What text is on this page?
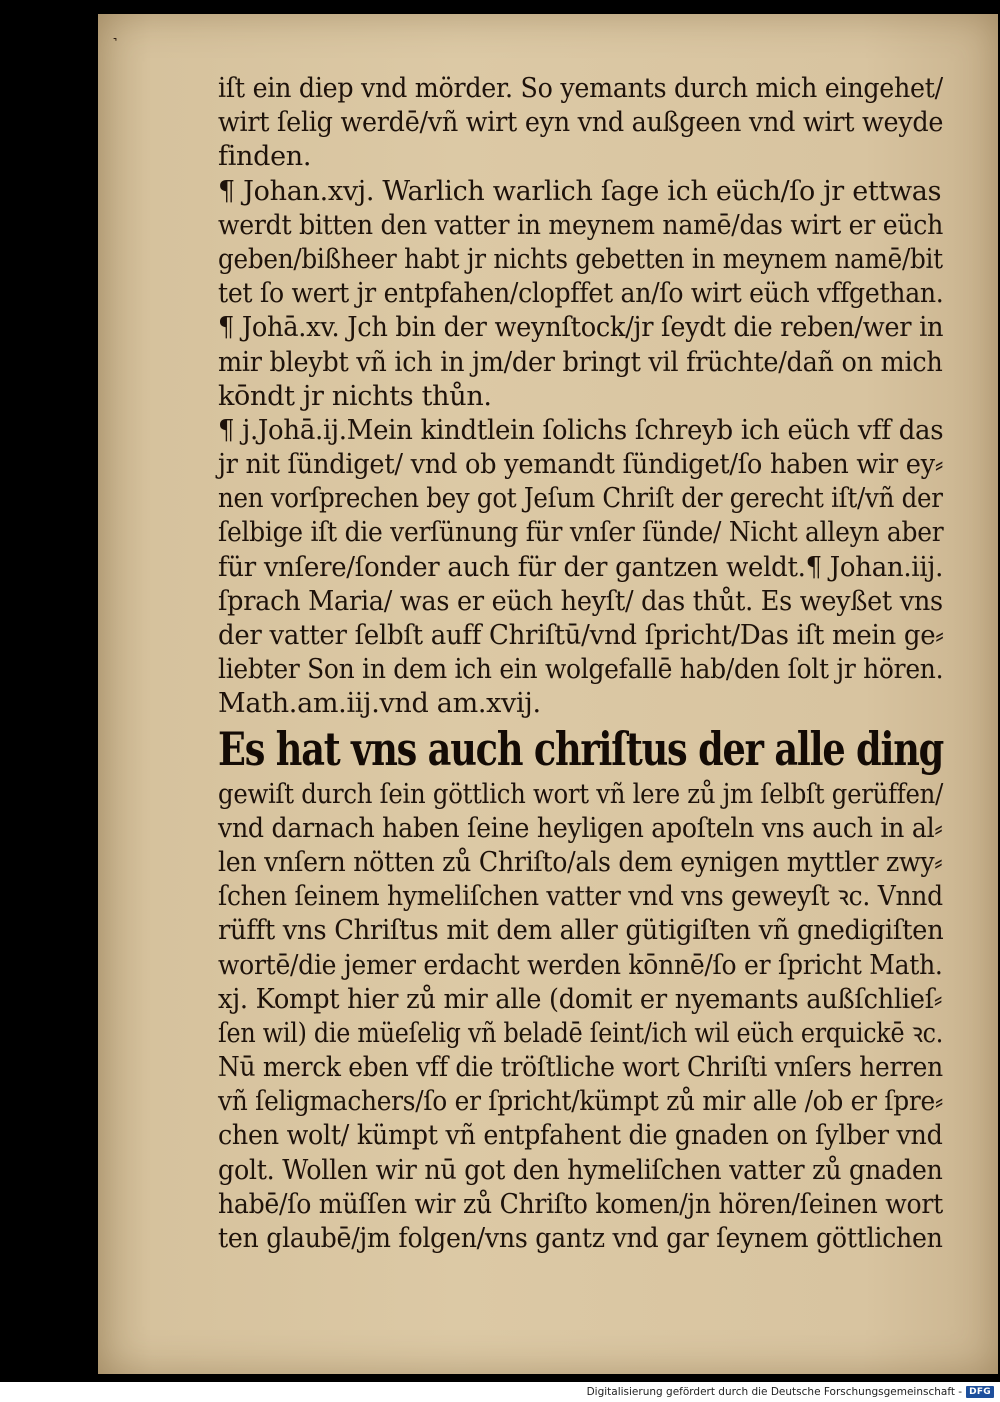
˺
iſt ein diep vnd mörder. So yemants durch mich eingehet/
wirt ſelig werdē/vñ wirt eyn vnd außgeen vnd wirt weyde
finden.
¶ Johan.xvj. Warlich warlich ſage ich eüch/ſo jr ettwas
werdt bitten den vatter in meynem namē/das wirt er eüch
geben/bißheer habt jr nichts gebetten in meynem namē/bit
tet ſo wert jr entpfahen/clopffet an/ſo wirt eüch vffgethan.
¶ Johā.xv. Jch bin der weynſtock/jr ſeydt die reben/wer in
mir bleybt vñ ich in jm/der bringt vil früchte/dañ on mich
kōndt jr nichts thůn.
¶ j.Johā.ij.Mein kindtlein ſolichs ſchreyb ich eüch vff das
jr nit ſündiget/ vnd ob yemandt ſündiget/ſo haben wir ey⸗
nen vorſprechen bey got Jeſum Chriſt der gerecht iſt/vñ der
ſelbige iſt die verſünung für vnſer ſünde/ Nicht alleyn aber
für vnſere/ſonder auch für der gantzen weldt.¶ Johan.iij.
ſprach Maria/ was er eüch heyſt/ das thůt. Es weyßet vns
der vatter ſelbſt auff Chriſtū/vnd ſpricht/Das iſt mein ge⸗
liebter Son in dem ich ein wolgefallē hab/den ſolt jr hören.
Math.am.iij.vnd am.xvij.
Es hat vns auch chriſtus der alle ding
gewiſt durch ſein göttlich wort vñ lere zů jm ſelbſt gerüffen/
vnd darnach haben ſeine heyligen apoſteln vns auch in al⸗
len vnſern nötten zů Chriſto/als dem eynigen myttler zwy⸗
ſchen ſeinem hymeliſchen vatter vnd vns geweyſt ꝛc. Vnnd
rüfft vns Chriſtus mit dem aller gütigiſten vñ gnedigiſten
wortē/die jemer erdacht werden kōnnē/ſo er ſpricht Math.
xj. Kompt hier zů mir alle (domit er nyemants außſchlieſ⸗
ſen wil) die müeſelig vñ beladē ſeint/ich wil eüch erquickē ꝛc.
Nū merck eben vff die tröſtliche wort Chriſti vnſers herren
vñ ſeligmachers/ſo er ſpricht/kümpt zů mir alle /ob er ſpre⸗
chen wolt/ kümpt vñ entpfahent die gnaden on ſylber vnd
golt. Wollen wir nū got den hymeliſchen vatter zů gnaden
habē/ſo müſſen wir zů Chriſto komen/jn hören/ſeinen wort
ten glaubē/jm folgen/vns gantz vnd gar ſeynem göttlichen
Digitalisierung gefördert durch die Deutsche Forschungsgemeinschaft - DFG
